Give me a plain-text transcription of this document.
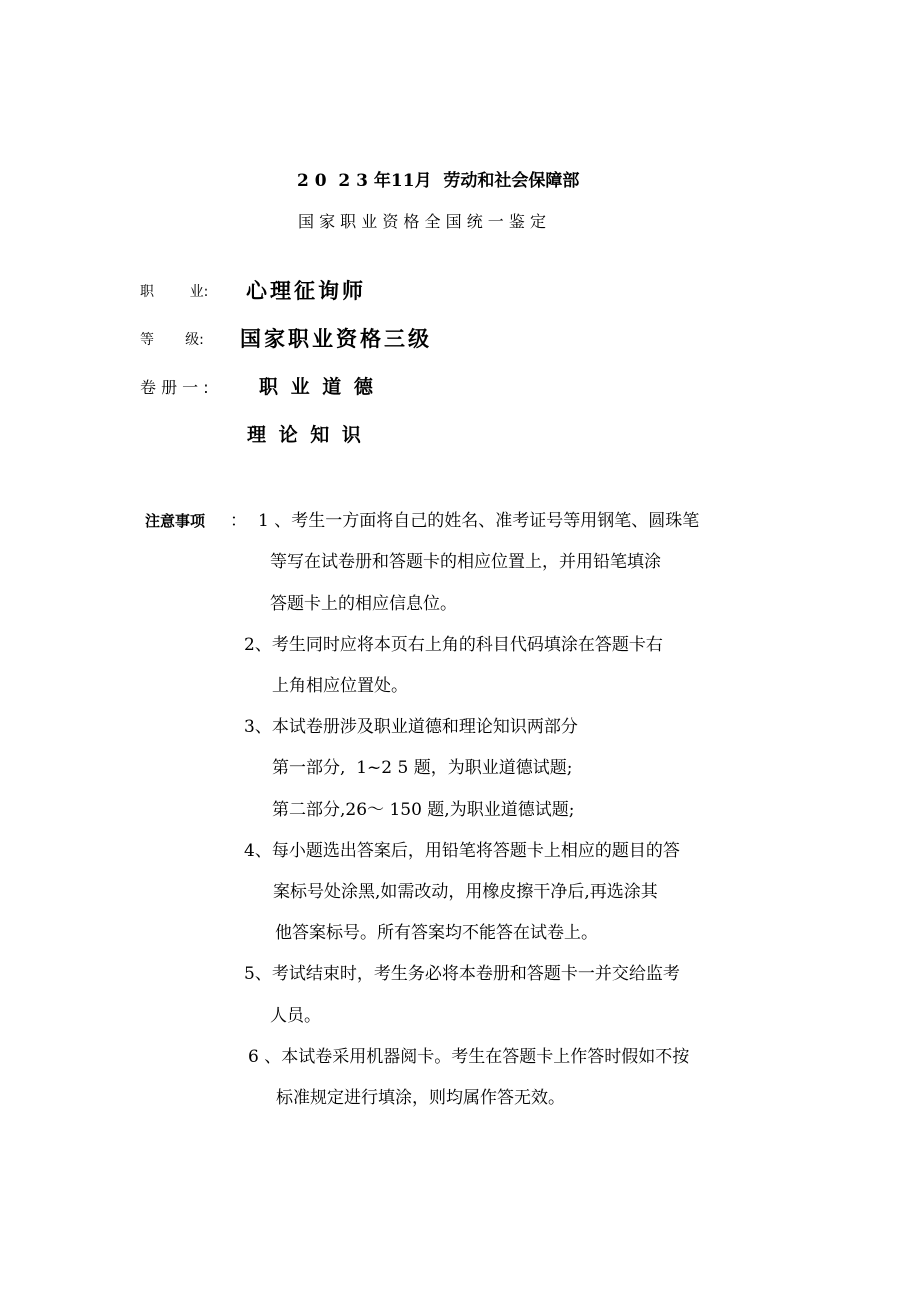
2 0  2 3 年11月  劳动和社会保障部
国 家 职 业 资 格 全 国 统 一 鉴 定
职        业: 心理征询师
等       级: 国家职业资格三级
卷 册 一 :	职 业 道 德
理 论 知 识
注意事项 ： 1 、考生一方面将自己的姓名、准考证号等用钢笔、圆珠笔
等写在试卷册和答题卡的相应位置上，并用铅笔填涂
答题卡上的相应信息位。
2、考生同时应将本页右上角的科目代码填涂在答题卡右
上角相应位置处。
3、本试卷册涉及职业道德和理论知识两部分
第一部分,  1~2 5 题，为职业道德试题;
第二部分,26～ 150 题,为职业道德试题;
4、每小题选出答案后，用铅笔将答题卡上相应的题目的答
案标号处涂黑,如需改动，用橡皮擦干净后,再选涂其
他答案标号。所有答案均不能答在试卷上。
5、考试结束时，考生务必将本卷册和答题卡一并交给监考
人员。
6 、本试卷采用机器阅卡。考生在答题卡上作答时假如不按
标准规定进行填涂，则均属作答无效。
